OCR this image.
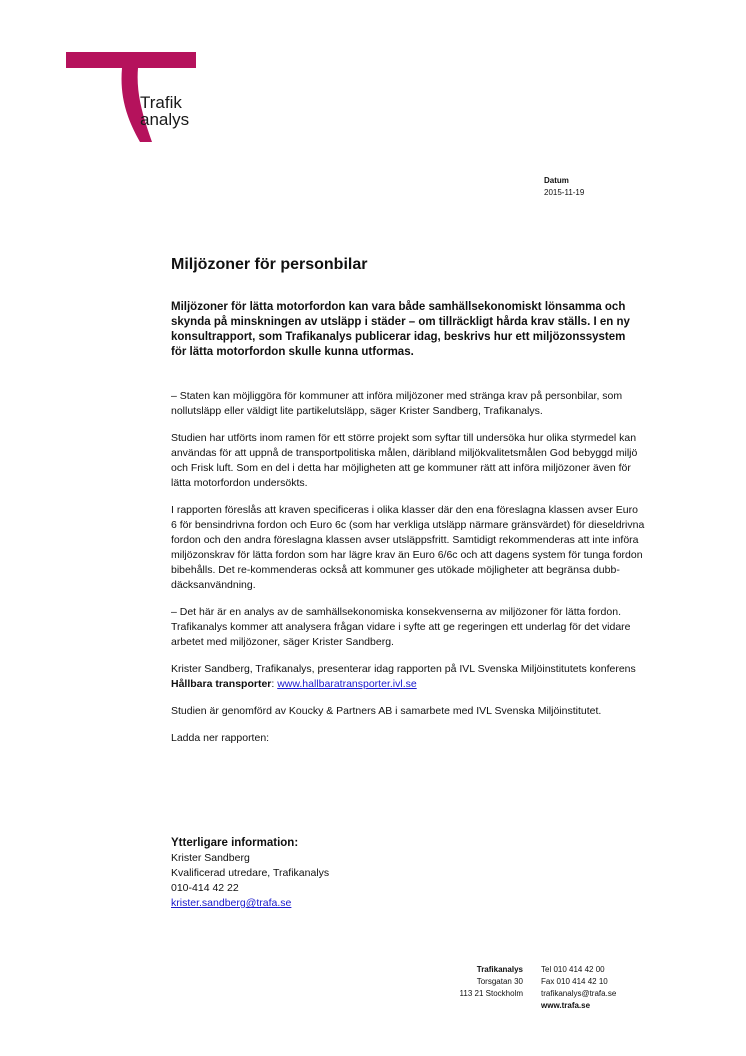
Trafik
analys
Datum
2015-11-19
Miljözoner för personbilar

Miljözoner för lätta motorfordon kan vara både samhällsekonomiskt lönsamma och skynda på minskningen av utsläpp i städer – om tillräckligt hårda krav ställs. I en ny konsultrapport, som Trafikanalys publicerar idag, beskrivs hur ett miljözonssystem för lätta motorfordon skulle kunna utformas.

– Staten kan möjliggöra för kommuner att införa miljözoner med stränga krav på personbilar, som nollutsläpp eller väldigt lite partikelutsläpp, säger Krister Sandberg, Trafikanalys.

Studien har utförts inom ramen för ett större projekt som syftar till undersöka hur olika styrmedel kan användas för att uppnå de transportpolitiska målen, däribland miljökvalitetsmålen God bebyggd miljö och Frisk luft. Som en del i detta har möjligheten att ge kommuner rätt att införa miljözoner även för lätta motorfordon undersökts.

I rapporten föreslås att kraven specificeras i olika klasser där den ena föreslagna klassen avser Euro 6 för bensindrivna fordon och Euro 6c (som har verkliga utsläpp närmare gränsvärdet) för dieseldrivna fordon och den andra föreslagna klassen avser utsläppsfritt. Samtidigt rekommenderas att inte införa miljözonskrav för lätta fordon som har lägre krav än Euro 6/6c och att dagens system för tunga fordon bibehålls. Det re-kommenderas också att kommuner ges utökade möjligheter att begränsa dubb-däcksanvändning.

– Det här är en analys av de samhällsekonomiska konsekvenserna av miljözoner för lätta fordon. Trafikanalys kommer att analysera frågan vidare i syfte att ge regeringen ett underlag för det vidare arbetet med miljözoner, säger Krister Sandberg.

Krister Sandberg, Trafikanalys, presenterar idag rapporten på IVL Svenska Miljöinstitutets konferens Hållbara transporter: www.hallbaratransporter.ivl.se

Studien är genomförd av Koucky & Partners AB i samarbete med IVL Svenska Miljöinstitutet.

Ladda ner rapporten:

Ytterligare information:
Krister Sandberg
Kvalificerad utredare, Trafikanalys
010-414 42 22
krister.sandberg@trafa.se
Trafikanalys
Torsgatan 30
113 21 Stockholm
Tel 010 414 42 00
Fax 010 414 42 10
trafikanalys@trafa.se
www.trafa.se
